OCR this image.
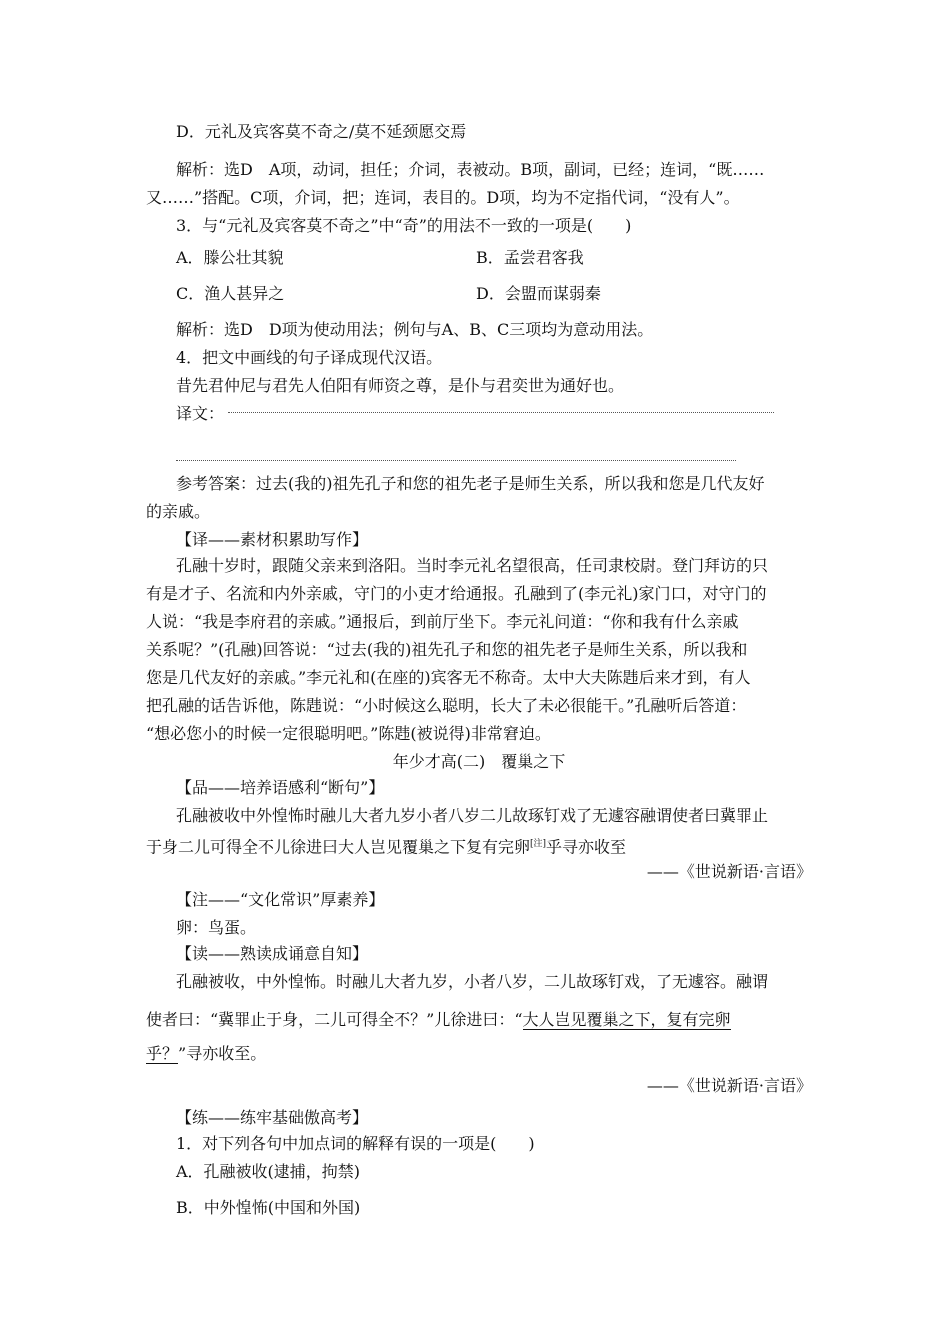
D．元礼及宾客莫不奇之/莫不延颈愿交焉
解析：选D　A项，动词，担任；介词，表被动。B项，副词，已经；连词，“既……
又……”搭配。C项，介词，把；连词，表目的。D项，均为不定指代词，“没有人”。
3．与“元礼及宾客莫不奇之”中“奇”的用法不一致的一项是(　　)
A．滕公壮其貌	B．孟尝君客我
C．渔人甚异之	D．会盟而谋弱秦
解析：选D　D项为使动用法；例句与A、B、C三项均为意动用法。
4．把文中画线的句子译成现代汉语。
昔先君仲尼与君先人伯阳有师资之尊，是仆与君奕世为通好也。
译文：
参考答案：过去(我的)祖先孔子和您的祖先老子是师生关系，所以我和您是几代友好
的亲戚。
【译——素材积累助写作】
孔融十岁时，跟随父亲来到洛阳。当时李元礼名望很高，任司隶校尉。登门拜访的只
有是才子、名流和内外亲戚，守门的小吏才给通报。孔融到了(李元礼)家门口，对守门的
人说：“我是李府君的亲戚。”通报后，到前厅坐下。李元礼问道：“你和我有什么亲戚
关系呢？”(孔融)回答说：“过去(我的)祖先孔子和您的祖先老子是师生关系，所以我和
您是几代友好的亲戚。”李元礼和(在座的)宾客无不称奇。太中大夫陈韪后来才到，有人
把孔融的话告诉他，陈韪说：“小时候这么聪明，长大了未必很能干。”孔融听后答道：
“想必您小的时候一定很聪明吧。”陈韪(被说得)非常窘迫。
年少才高(二)　覆巢之下
【品——培养语感利“断句”】
孔融被收中外惶怖时融儿大者九岁小者八岁二儿故琢钉戏了无遽容融谓使者曰冀罪止
于身二儿可得全不儿徐进曰大人岂见覆巢之下复有完卵[注]乎寻亦收至
——《世说新语·言语》
【注——“文化常识”厚素养】
卵：鸟蛋。
【读——熟读成诵意自知】
孔融被收，中外惶怖。时融儿大者九岁，小者八岁，二儿故琢钉戏，了无遽容。融谓
使者曰：“冀罪止于身，二儿可得全不？”儿徐进曰：“大人岂见覆巢之下，复有完卵
乎？”寻亦收至。
——《世说新语·言语》
【练——练牢基础傲高考】
1．对下列各句中加点词的解释有误的一项是(　　)
A．孔融被收(逮捕，拘禁)
B．中外惶怖(中国和外国)
